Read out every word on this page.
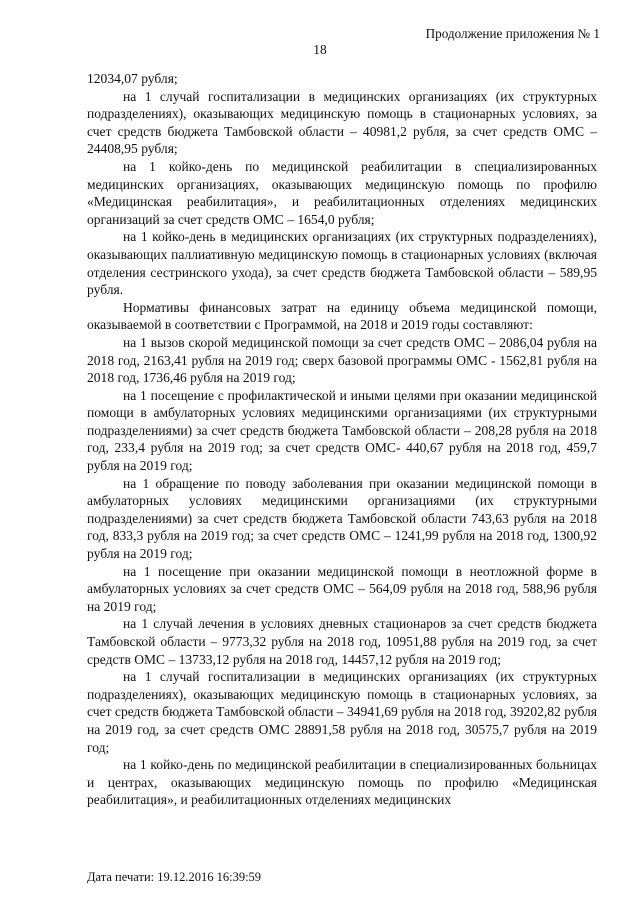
Продолжение приложения № 1
18

12034,07 рубля;

на 1 случай госпитализации в медицинских организациях (их структурных подразделениях), оказывающих медицинскую помощь в стационарных условиях, за счет средств бюджета Тамбовской области – 40981,2 рубля, за счет средств ОМС – 24408,95 рубля;

на 1 койко-день по медицинской реабилитации в специализированных медицинских организациях, оказывающих медицинскую помощь по профилю «Медицинская реабилитация», и реабилитационных отделениях медицинских организаций за счет средств ОМС – 1654,0 рубля;

на 1 койко-день в медицинских организациях (их структурных подразделениях), оказывающих паллиативную медицинскую помощь в стационарных условиях (включая отделения сестринского ухода), за счет средств бюджета Тамбовской области – 589,95 рубля.

Нормативы финансовых затрат на единицу объема медицинской помощи, оказываемой в соответствии с Программой, на 2018 и 2019 годы составляют:

на 1 вызов скорой медицинской помощи за счет средств ОМС – 2086,04 рубля на 2018 год, 2163,41 рубля на 2019 год; сверх базовой программы ОМС - 1562,81 рубля на 2018 год, 1736,46 рубля на 2019 год;

на 1 посещение с профилактической и иными целями при оказании медицинской помощи в амбулаторных условиях медицинскими организациями (их структурными подразделениями) за счет средств бюджета Тамбовской области – 208,28 рубля на 2018 год, 233,4 рубля на 2019 год; за счет средств ОМС- 440,67 рубля на 2018 год, 459,7 рубля на 2019 год;

на 1 обращение по поводу заболевания при оказании медицинской помощи в амбулаторных условиях медицинскими организациями (их структурными подразделениями) за счет средств бюджета Тамбовской области 743,63 рубля на 2018 год, 833,3 рубля на 2019 год; за счет средств ОМС – 1241,99 рубля на 2018 год, 1300,92 рубля на 2019 год;

на 1 посещение при оказании медицинской помощи в неотложной форме в амбулаторных условиях за счет средств ОМС – 564,09 рубля на 2018 год, 588,96 рубля на 2019 год;

на 1 случай лечения в условиях дневных стационаров за счет средств бюджета Тамбовской области – 9773,32 рубля на 2018 год, 10951,88 рубля на 2019 год, за счет средств ОМС – 13733,12 рубля на 2018 год, 14457,12 рубля на 2019 год;

на 1 случай госпитализации в медицинских организациях (их структурных подразделениях), оказывающих медицинскую помощь в стационарных условиях, за счет средств бюджета Тамбовской области – 34941,69 рубля на 2018 год, 39202,82 рубля на 2019 год, за счет средств ОМС 28891,58 рубля на 2018 год, 30575,7 рубля на 2019 год;

на 1 койко-день по медицинской реабилитации в специализированных больницах и центрах, оказывающих медицинскую помощь по профилю «Медицинская реабилитация», и реабилитационных отделениях медицинских

Дата печати: 19.12.2016 16:39:59
